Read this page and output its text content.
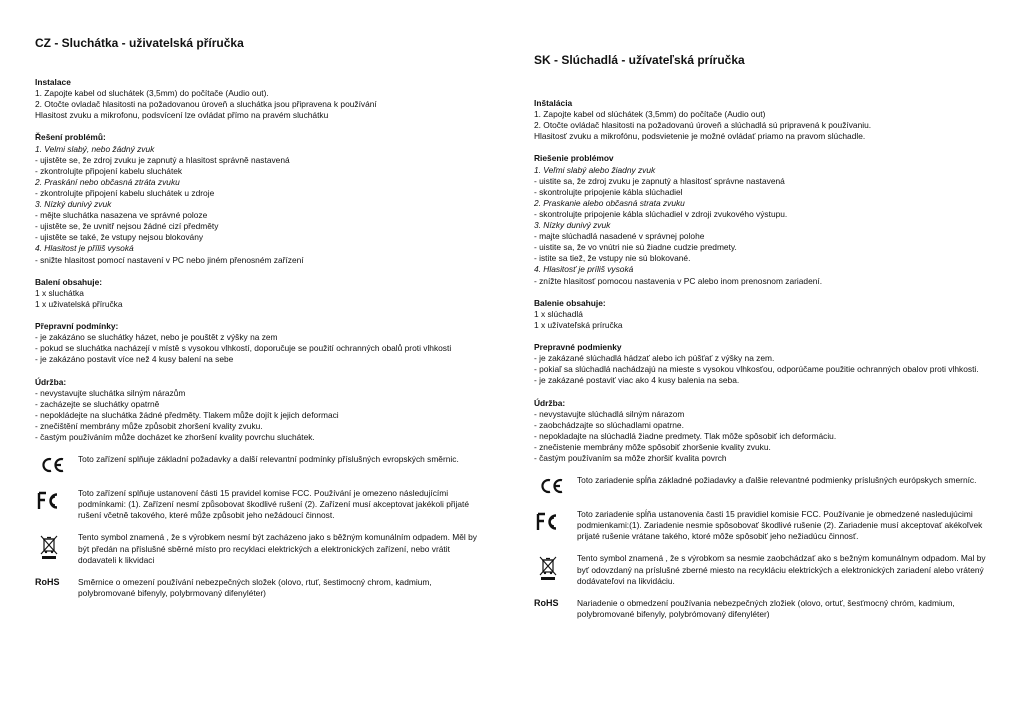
CZ - Sluchátka - uživatelská příručka
Instalace
1. Zapojte kabel od sluchátek (3,5mm) do počítače (Audio out).
2. Otočte ovladač hlasitosti na požadovanou úroveň a sluchátka jsou připravena k používání
Hlasitost zvuku a mikrofonu, podsvícení lze ovládat přímo na pravém sluchátku
Řešení problémů:
1. Velmi slabý, nebo žádný zvuk
- ujistěte se, že zdroj zvuku je zapnutý a hlasitost správně nastavená
- zkontrolujte připojení kabelu sluchátek
2. Praskání nebo občasná ztráta zvuku
- zkontrolujte připojení kabelu sluchátek u zdroje
3. Nízký dunivý zvuk
- mějte sluchátka nasazena ve správné poloze
- ujistěte se, že uvnitř nejsou žádné cizí předměty
- ujistěte se také, že vstupy nejsou blokovány
4. Hlasitost je příliš vysoká
- snižte hlasitost pomocí nastavení v PC nebo jiném přenosném zařízení
Balení obsahuje:
1 x sluchátka
1 x uživatelská příručka
Přepravní podmínky:
- je zakázáno se sluchátky házet, nebo je pouštět z výšky na zem
- pokud se sluchátka nacházejí v místě s vysokou vlhkostí, doporučuje se použití ochranných obalů proti vlhkosti
- je zakázáno postavit více než 4 kusy balení na sebe
Údržba:
- nevystavujte sluchátka silným nárazům
- zacházejte se sluchátky opatrně
- nepokládejte na sluchátka žádné předměty. Tlakem může dojít k jejich deformaci
- znečištění membrány může způsobit zhoršení kvality zvuku.
- častým používáním může docházet ke zhoršení kvality povrchu sluchátek.
Toto zařízení splňuje základní požadavky a další relevantní podmínky příslušných evropských směrnic.
Toto zařízení splňuje ustanovení části 15 pravidel komise FCC. Používání je omezeno následujícími podmínkami: (1). Zařízení nesmí způsobovat škodlivé rušení (2). Zařízení musí akceptovat jakékoli přijaté rušení včetně takového, které může způsobit jeho nežádoucí činnost.
Tento symbol znamená , že s výrobkem nesmí být zacházeno jako s běžným komunálním odpadem. Měl by být předán na příslušné sběrné místo pro recyklaci elektrických a elektronických zařízení, nebo vrátit dodavateli k likvidaci
RoHS Směrnice o omezení používání nebezpečných složek (olovo, rtuť, šestimocný chrom, kadmium, polybromované bifenyly, polybrmovaný difenyléter)
SK - Slúchadlá - užívateľská príručka
Inštalácia
1. Zapojte kabel od slúchátek (3,5mm) do počítače (Audio out)
2. Otočte ovládač hlasitosti na požadovanú úroveň a slúchadlá sú pripravená k používaniu.
Hlasitosť zvuku a mikrofónu, podsvietenie je možné ovládať priamo na pravom slúchadle.
Riešenie problémov
1. Veľmi slabý alebo žiadny zvuk
- uistite sa, že zdroj zvuku je zapnutý a hlasitosť správne nastavená
- skontrolujte pripojenie kábla slúchadiel
2. Praskanie alebo občasná strata zvuku
- skontrolujte pripojenie kábla slúchadiel v zdroji zvukového výstupu.
3. Nízky dunivý zvuk
- majte slúchadlá nasadené v správnej polohe
- uistite sa, že vo vnútri nie sú žiadne cudzie predmety.
- istite sa tiež, že vstupy nie sú blokované.
4. Hlasitosť je príliš vysoká
- znížte hlasitosť pomocou nastavenia v PC alebo inom prenosnom zariadení.
Balenie obsahuje:
1 x slúchadlá
1 x užívateľská príručka
Prepravné podmienky
- je zakázané slúchadlá hádzať alebo ich púšťať z výšky na zem.
- pokiaľ sa slúchadlá nachádzajú na mieste s vysokou vlhkosťou, odporúčame použitie ochranných obalov proti vlhkosti.
- je zakázané postaviť viac ako 4 kusy balenia na seba.
Údržba:
- nevystavujte slúchadlá silným nárazom
- zaobchádzajte so slúchadlami opatrne.
- nepokladajte na slúchadlá žiadne predmety. Tlak môže spôsobiť ich deformáciu.
- znečistenie membrány môže spôsobiť zhoršenie kvality zvuku.
- častým používaním sa môže zhoršiť kvalita povrch
Toto zariadenie spĺňa základné požiadavky a ďalšie relevantné podmienky príslušných európskych smerníc.
Toto zariadenie spĺňa ustanovenia časti 15 pravidiel komisie FCC. Používanie je obmedzené nasledujúcimi podmienkami:(1). Zariadenie nesmie spôsobovať škodlivé rušenie (2). Zariadenie musí akceptovať akékoľvek prijaté rušenie vrátane takého, ktoré môže spôsobiť jeho nežiadúcu činnosť.
Tento symbol znamená , že s výrobkom sa nesmie zaobchádzať ako s bežným komunálnym odpadom. Mal by byť odovzdaný na príslušné zberné miesto na recykláciu elektrických a elektronických zariadení alebo vrátený dodávateľovi na likvidáciu.
RoHS Nariadenie o obmedzení používania nebezpečných zložiek (olovo, ortuť, šesťmocný chróm, kadmium, polybromované bifenyly, polybrómovaný difenyléter)
